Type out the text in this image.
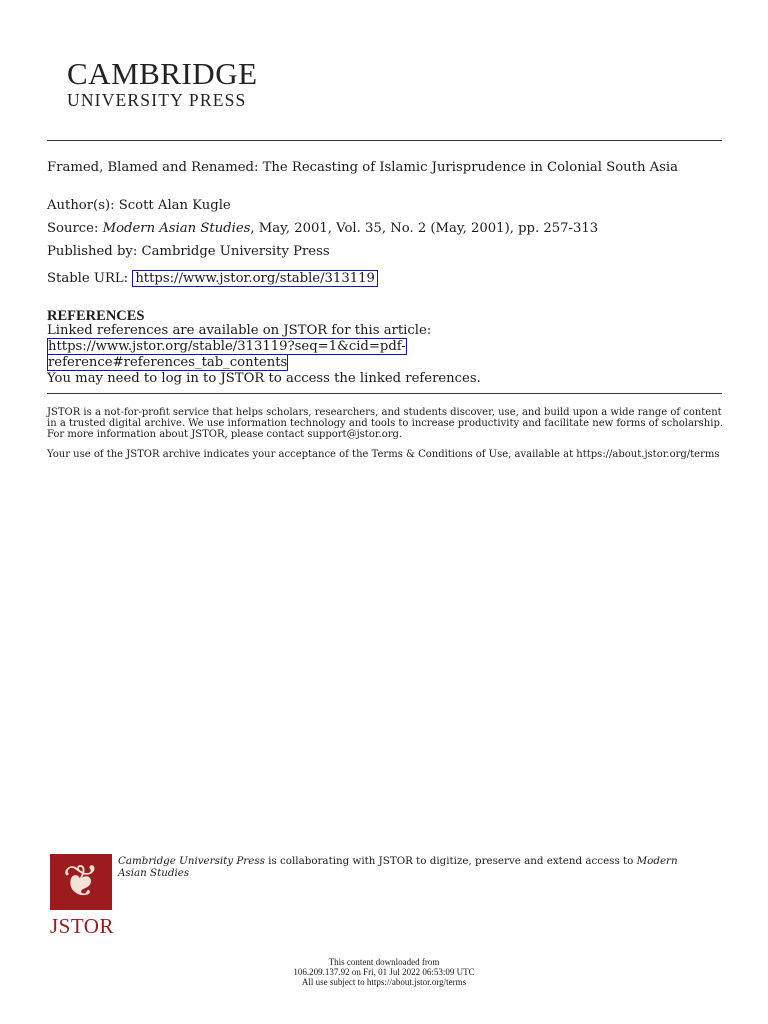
CAMBRIDGE
UNIVERSITY PRESS

Framed, Blamed and Renamed: The Recasting of Islamic Jurisprudence in Colonial South Asia

Author(s): Scott Alan Kugle
Source: Modern Asian Studies, May, 2001, Vol. 35, No. 2 (May, 2001), pp. 257-313
Published by: Cambridge University Press
Stable URL: https://www.jstor.org/stable/313119
REFERENCES
Linked references are available on JSTOR for this article:
https://www.jstor.org/stable/313119?seq=1&cid=pdf-
reference#references_tab_contents
You may need to log in to JSTOR to access the linked references.
JSTOR is a not-for-profit service that helps scholars, researchers, and students discover, use, and build upon a wide range of content in a trusted digital archive. We use information technology and tools to increase productivity and facilitate new forms of scholarship. For more information about JSTOR, please contact support@jstor.org.
Your use of the JSTOR archive indicates your acceptance of the Terms & Conditions of Use, available at https://about.jstor.org/terms
❦
JSTOR
Cambridge University Press is collaborating with JSTOR to digitize, preserve and extend access to Modern Asian Studies
This content downloaded from
106.209.137.92 on Fri, 01 Jul 2022 06:53:09 UTC
All use subject to https://about.jstor.org/terms
